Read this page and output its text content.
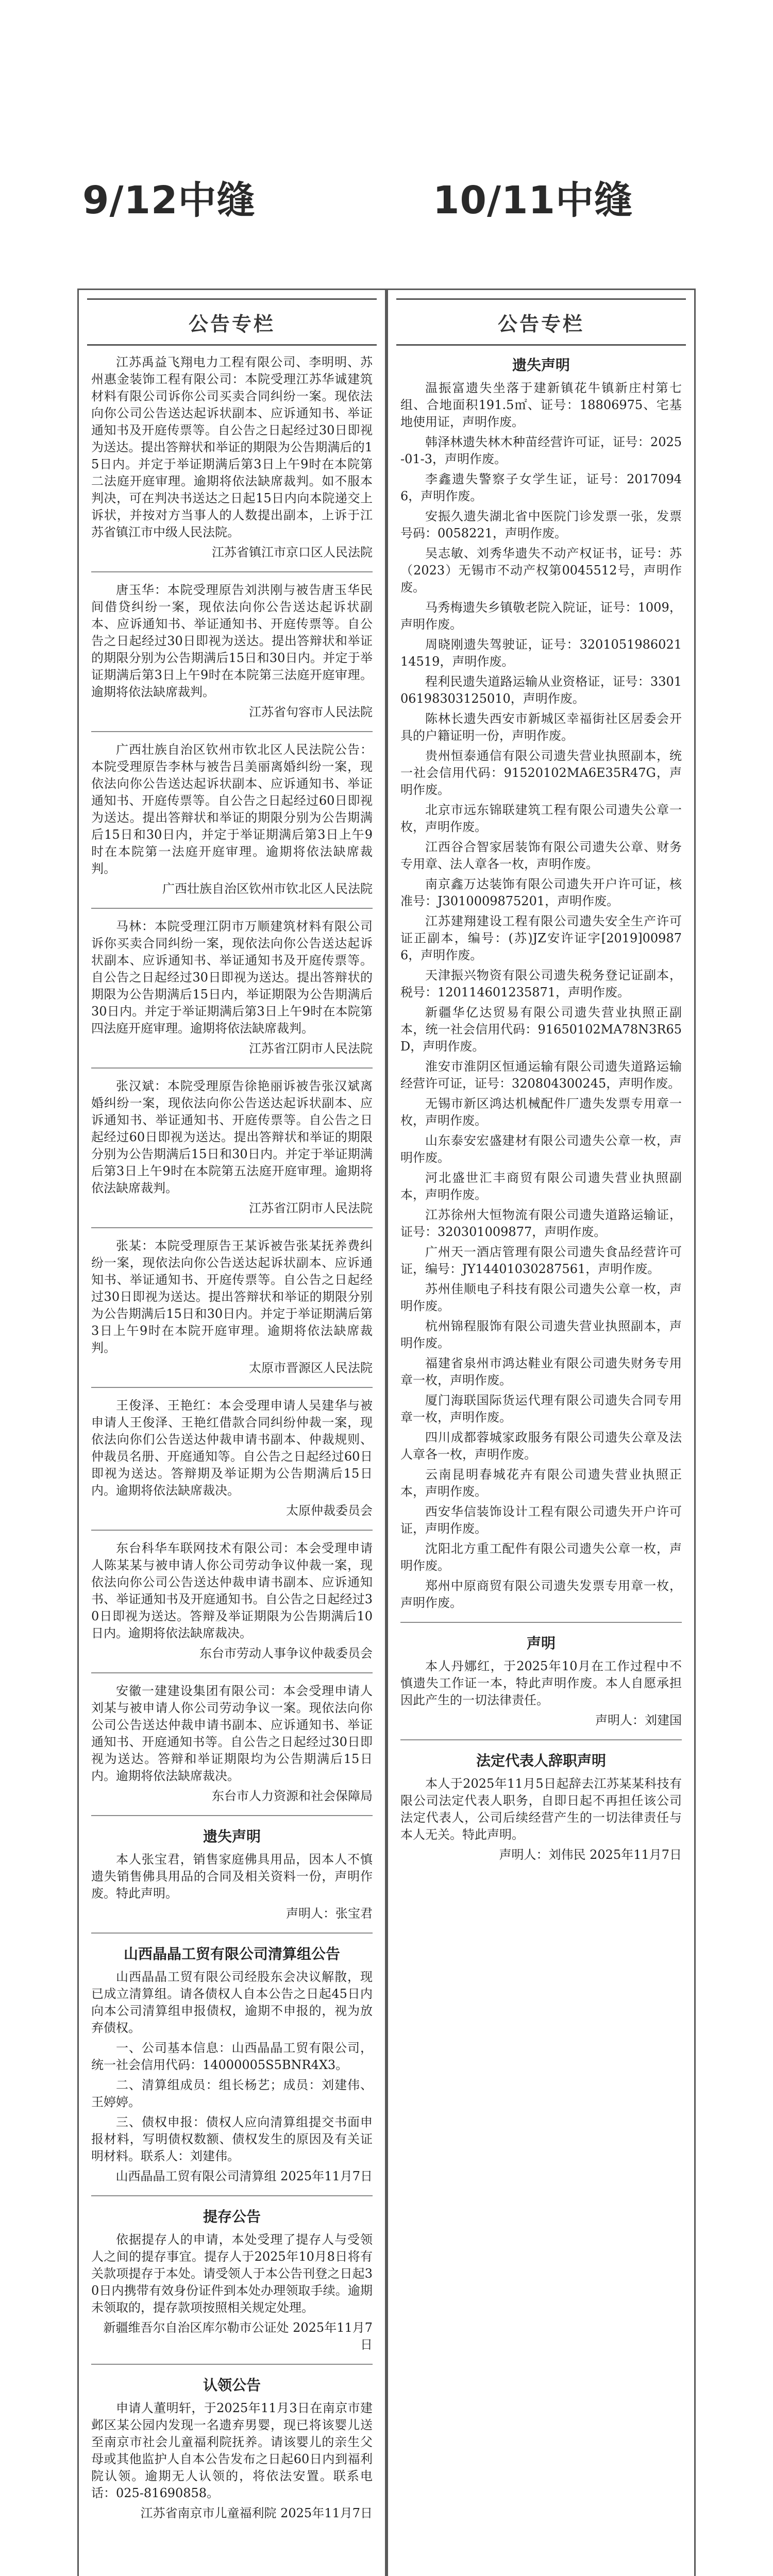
9/12中缝	10/11中缝
公告专栏

江苏禹益飞翔电力工程有限公司、李明明、苏州惠金装饰工程有限公司：本院受理江苏华诚建筑材料有限公司诉你公司买卖合同纠纷一案。现依法向你公司公告送达起诉状副本、应诉通知书、举证通知书及开庭传票等。自公告之日起经过30日即视为送达。提出答辩状和举证的期限为公告期满后的15日内。并定于举证期满后第3日上午9时在本院第二法庭开庭审理。逾期将依法缺席裁判。如不服本判决，可在判决书送达之日起15日内向本院递交上诉状，并按对方当事人的人数提出副本，上诉于江苏省镇江市中级人民法院。

江苏省镇江市京口区人民法院

唐玉华：本院受理原告刘洪刚与被告唐玉华民间借贷纠纷一案，现依法向你公告送达起诉状副本、应诉通知书、举证通知书、开庭传票等。自公告之日起经过30日即视为送达。提出答辩状和举证的期限分别为公告期满后15日和30日内。并定于举证期满后第3日上午9时在本院第三法庭开庭审理。逾期将依法缺席裁判。

江苏省句容市人民法院

广西壮族自治区钦州市钦北区人民法院公告：本院受理原告李林与被告吕美丽离婚纠纷一案，现依法向你公告送达起诉状副本、应诉通知书、举证通知书、开庭传票等。自公告之日起经过60日即视为送达。提出答辩状和举证的期限分别为公告期满后15日和30日内，并定于举证期满后第3日上午9时在本院第一法庭开庭审理。逾期将依法缺席裁判。

广西壮族自治区钦州市钦北区人民法院

马林：本院受理江阴市万顺建筑材料有限公司诉你买卖合同纠纷一案，现依法向你公告送达起诉状副本、应诉通知书、举证通知书及开庭传票等。自公告之日起经过30日即视为送达。提出答辩状的期限为公告期满后15日内，举证期限为公告期满后30日内。并定于举证期满后第3日上午9时在本院第四法庭开庭审理。逾期将依法缺席裁判。

江苏省江阴市人民法院

张汉斌：本院受理原告徐艳丽诉被告张汉斌离婚纠纷一案，现依法向你公告送达起诉状副本、应诉通知书、举证通知书、开庭传票等。自公告之日起经过60日即视为送达。提出答辩状和举证的期限分别为公告期满后15日和30日内。并定于举证期满后第3日上午9时在本院第五法庭开庭审理。逾期将依法缺席裁判。

江苏省江阴市人民法院

张某：本院受理原告王某诉被告张某抚养费纠纷一案，现依法向你公告送达起诉状副本、应诉通知书、举证通知书、开庭传票等。自公告之日起经过30日即视为送达。提出答辩状和举证的期限分别为公告期满后15日和30日内。并定于举证期满后第3日上午9时在本院开庭审理。逾期将依法缺席裁判。

太原市晋源区人民法院

王俊泽、王艳红：本会受理申请人吴建华与被申请人王俊泽、王艳红借款合同纠纷仲裁一案，现依法向你们公告送达仲裁申请书副本、仲裁规则、仲裁员名册、开庭通知等。自公告之日起经过60日即视为送达。答辩期及举证期为公告期满后15日内。逾期将依法缺席裁决。

太原仲裁委员会

东台科华车联网技术有限公司：本会受理申请人陈某某与被申请人你公司劳动争议仲裁一案，现依法向你公司公告送达仲裁申请书副本、应诉通知书、举证通知书及开庭通知书。自公告之日起经过30日即视为送达。答辩及举证期限为公告期满后10日内。逾期将依法缺席裁决。

东台市劳动人事争议仲裁委员会

安徽一建建设集团有限公司：本会受理申请人刘某与被申请人你公司劳动争议一案。现依法向你公司公告送达仲裁申请书副本、应诉通知书、举证通知书、开庭通知书等。自公告之日起经过30日即视为送达。答辩和举证期限均为公告期满后15日内。逾期将依法缺席裁决。

东台市人力资源和社会保障局
遗失声明

本人张宝君，销售家庭佛具用品，因本人不慎遗失销售佛具用品的合同及相关资料一份，声明作废。特此声明。

声明人：张宝君
山西晶晶工贸有限公司清算组公告

山西晶晶工贸有限公司经股东会决议解散，现已成立清算组。请各债权人自本公告之日起45日内向本公司清算组申报债权，逾期不申报的，视为放弃债权。

一、公司基本信息：山西晶晶工贸有限公司，统一社会信用代码：14000005S5BNR4X3。

二、清算组成员：组长杨艺；成员：刘建伟、王婷婷。

三、债权申报：债权人应向清算组提交书面申报材料，写明债权数额、债权发生的原因及有关证明材料。联系人：刘建伟。

山西晶晶工贸有限公司清算组 2025年11月7日
提存公告

依据提存人的申请，本处受理了提存人与受领人之间的提存事宜。提存人于2025年10月8日将有关款项提存于本处。请受领人于本公告刊登之日起30日内携带有效身份证件到本处办理领取手续。逾期未领取的，提存款项按照相关规定处理。

新疆维吾尔自治区库尔勒市公证处 2025年11月7日
认领公告

申请人董明轩，于2025年11月3日在南京市建邺区某公园内发现一名遗弃男婴，现已将该婴儿送至南京市社会儿童福利院抚养。请该婴儿的亲生父母或其他监护人自本公告发布之日起60日内到福利院认领。逾期无人认领的，将依法安置。联系电话：025-81690858。

江苏省南京市儿童福利院 2025年11月7日
公告专栏
遗失声明

温振富遗失坐落于建新镇花牛镇新庄村第七组、合地面积191.5㎡、证号：18806975、宅基地使用证，声明作废。

韩泽林遗失林木种苗经营许可证，证号：2025-01-3，声明作废。

李鑫遗失警察子女学生证，证号：20170946，声明作废。

安振久遗失湖北省中医院门诊发票一张，发票号码：0058221，声明作废。

吴志敏、刘秀华遗失不动产权证书，证号：苏（2023）无锡市不动产权第0045512号，声明作废。

马秀梅遗失乡镇敬老院入院证，证号：1009，声明作废。

周晓刚遗失驾驶证，证号：320105198602114519，声明作废。

程利民遗失道路运输从业资格证，证号：330106198303125010，声明作废。

陈林长遗失西安市新城区幸福街社区居委会开具的户籍证明一份，声明作废。

贵州恒泰通信有限公司遗失营业执照副本，统一社会信用代码：91520102MA6E35R47G，声明作废。

北京市远东锦联建筑工程有限公司遗失公章一枚，声明作废。

江西谷合智家居装饰有限公司遗失公章、财务专用章、法人章各一枚，声明作废。

南京鑫万达装饰有限公司遗失开户许可证，核准号：J3010009875201，声明作废。

江苏建翔建设工程有限公司遗失安全生产许可证正副本，编号：(苏)JZ安许证字[2019]009876，声明作废。

天津振兴物资有限公司遗失税务登记证副本，税号：120114601235871，声明作废。

新疆华亿达贸易有限公司遗失营业执照正副本，统一社会信用代码：91650102MA78N3R65D，声明作废。

淮安市淮阴区恒通运输有限公司遗失道路运输经营许可证，证号：320804300245，声明作废。

无锡市新区鸿达机械配件厂遗失发票专用章一枚，声明作废。

山东泰安宏盛建材有限公司遗失公章一枚，声明作废。

河北盛世汇丰商贸有限公司遗失营业执照副本，声明作废。

江苏徐州大恒物流有限公司遗失道路运输证，证号：320301009877，声明作废。

广州天一酒店管理有限公司遗失食品经营许可证，编号：JY14401030287561，声明作废。

苏州佳顺电子科技有限公司遗失公章一枚，声明作废。

杭州锦程服饰有限公司遗失营业执照副本，声明作废。

福建省泉州市鸿达鞋业有限公司遗失财务专用章一枚，声明作废。

厦门海联国际货运代理有限公司遗失合同专用章一枚，声明作废。

四川成都蓉城家政服务有限公司遗失公章及法人章各一枚，声明作废。

云南昆明春城花卉有限公司遗失营业执照正本，声明作废。

西安华信装饰设计工程有限公司遗失开户许可证，声明作废。

沈阳北方重工配件有限公司遗失公章一枚，声明作废。

郑州中原商贸有限公司遗失发票专用章一枚，声明作废。

声明

本人丹娜红，于2025年10月在工作过程中不慎遗失工作证一本，特此声明作废。本人自愿承担因此产生的一切法律责任。

声明人：刘建国
法定代表人辞职声明

本人于2025年11月5日起辞去江苏某某科技有限公司法定代表人职务，自即日起不再担任该公司法定代表人，公司后续经营产生的一切法律责任与本人无关。特此声明。

声明人：刘伟民 2025年11月7日
